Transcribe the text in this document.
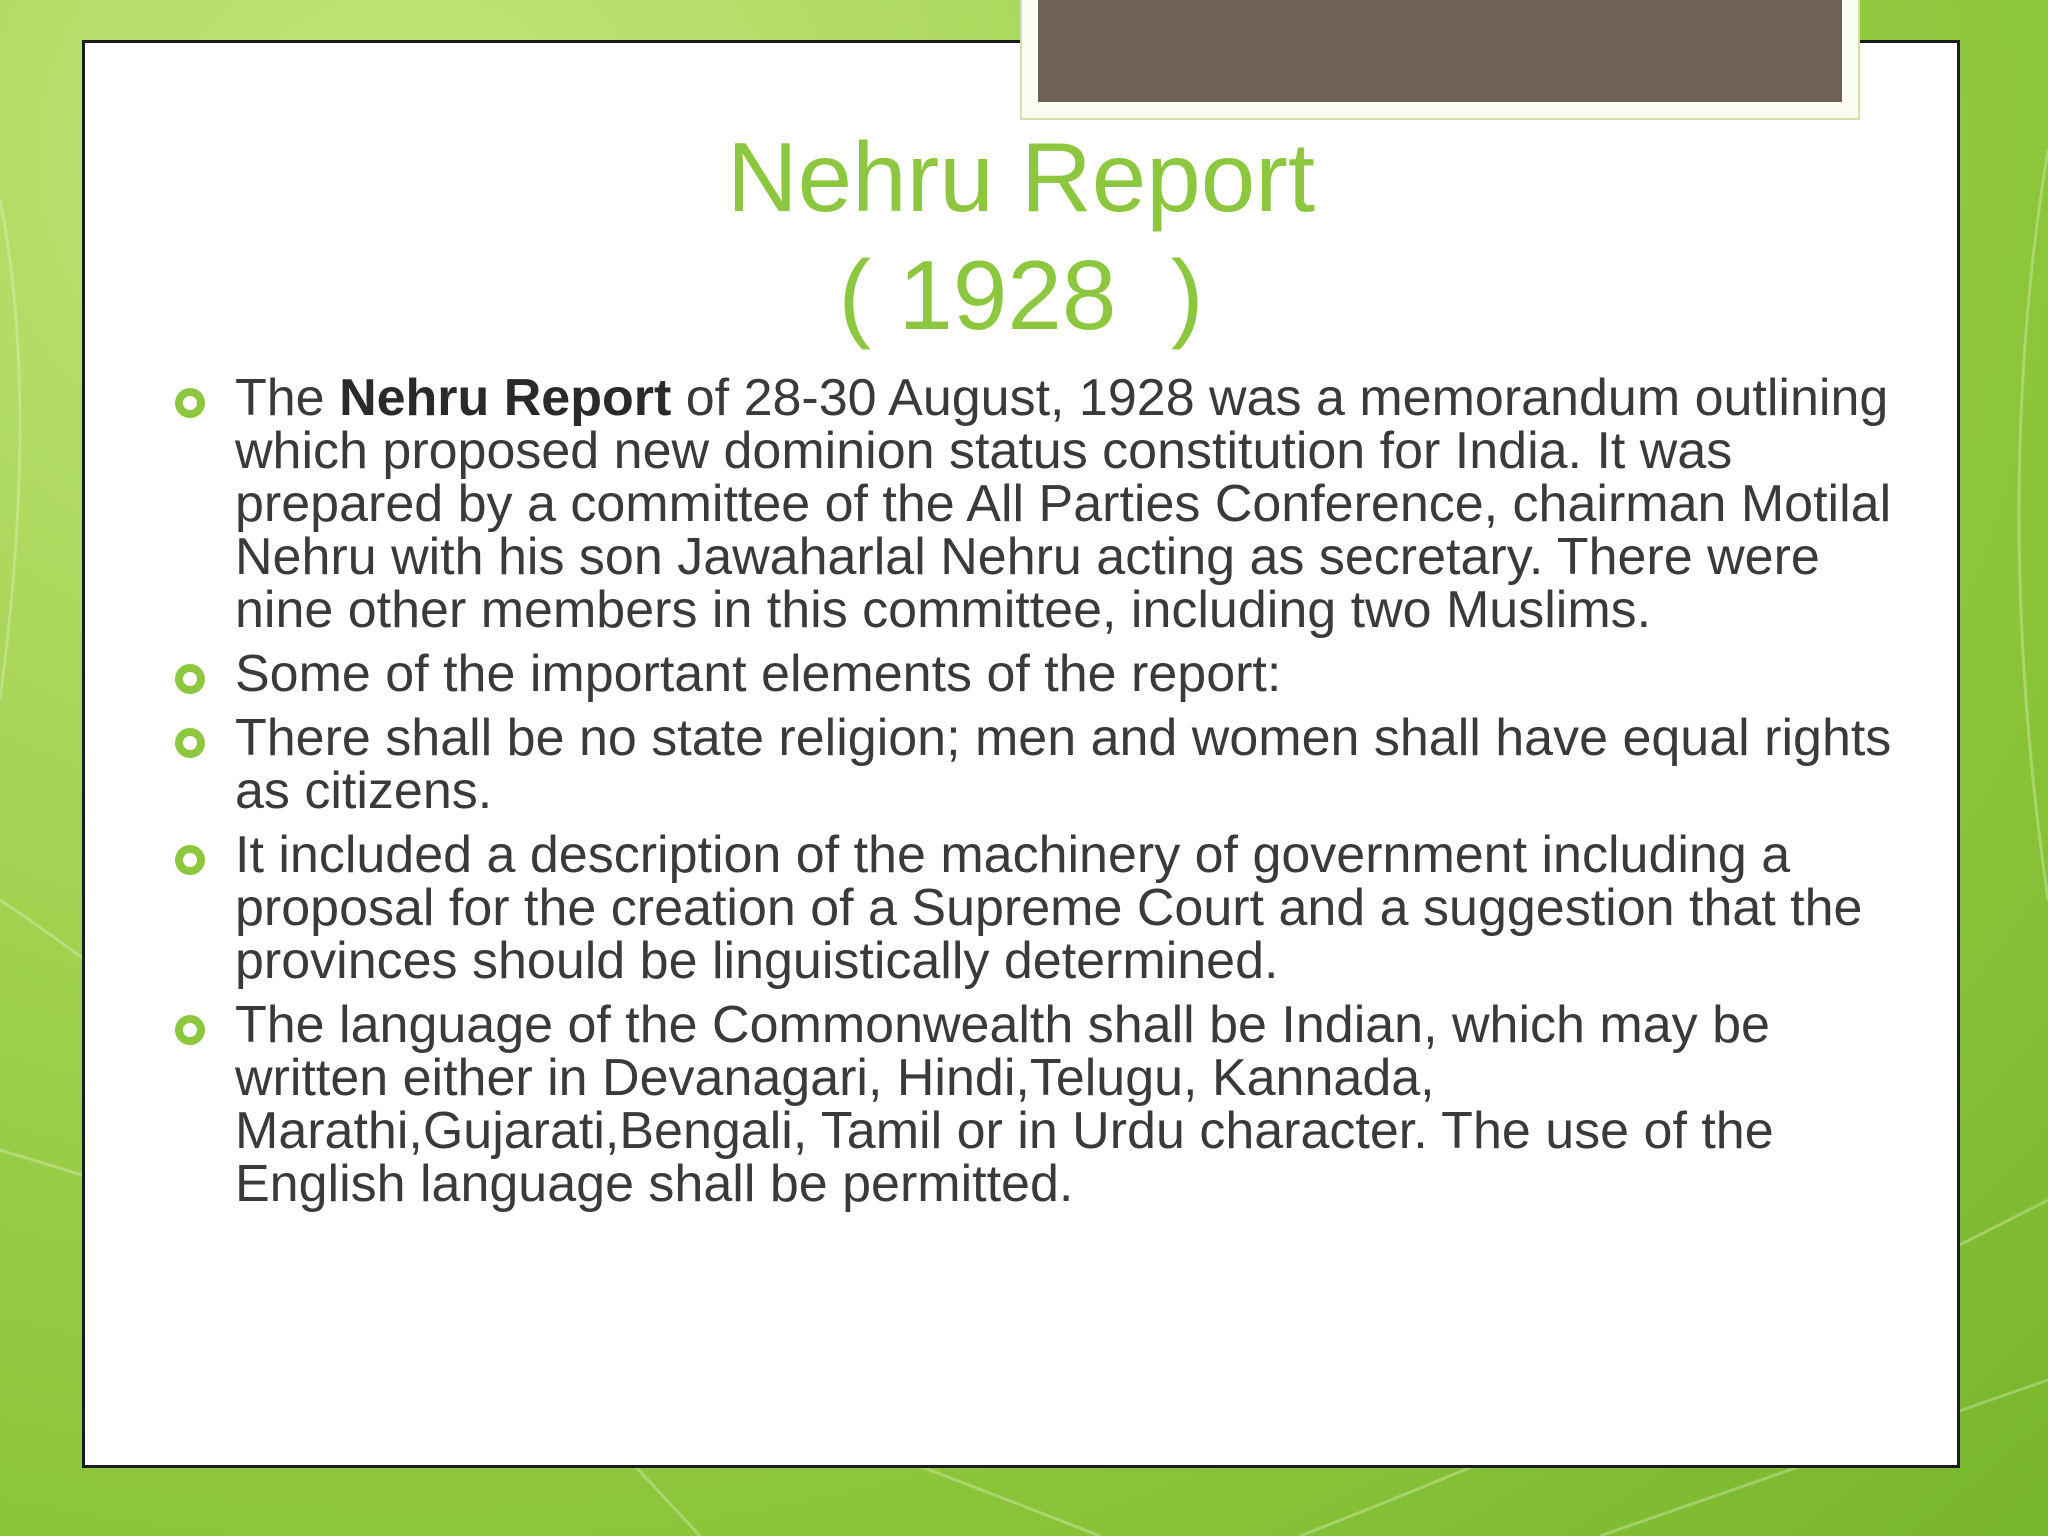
Nehru Report
( 1928  )
The Nehru Report of 28-30 August, 1928 was a memorandum outlining which proposed new dominion status constitution for India. It was prepared by a committee of the All Parties Conference, chairman Motilal Nehru with his son Jawaharlal Nehru acting as secretary. There were nine other members in this committee, including two Muslims.
Some of the important elements of the report:
There shall be no state religion; men and women shall have equal rights as citizens.
It included a description of the machinery of government including a proposal for the creation of a Supreme Court and a suggestion that the provinces should be linguistically determined.
The language of the Commonwealth shall be Indian, which may be written either in Devanagari, Hindi,Telugu, Kannada, Marathi,Gujarati,Bengali, Tamil or in Urdu character. The use of the English language shall be permitted.
